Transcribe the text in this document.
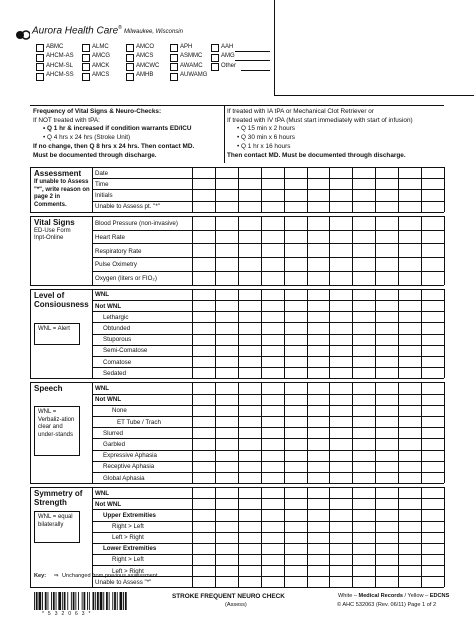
Aurora Health Care®
Milwaukee, Wisconsin
ABMC
AHCM-AS
AHCM-SL
AHCM-SS
ALMC
AMCG
AMCK
AMCS
AMCO
AMCS
AMCWC
AMHB
APH
ASMMC
AWAMC
AUWAMG
AAH
AMG
Other
Frequency of Vital Signs & Neuro-Checks:
If NOT treated with tPA:
• Q 1 hr & increased if condition warrants ED/ICU
• Q 4 hrs x 24 hrs (Stroke Unit)
If no change, then Q 8 hrs x 24 hrs. Then contact MD.
Must be documented through discharge.
If treated with IA tPA or Mechanical Clot Retriever or
If treated with IV tPA (Must start immediately with start of infusion)
• Q 15 min x 2 hours
• Q 30 min x 6 hours
• Q 1 hr x 16 hours
Then contact MD. Must be documented through discharge.
Date
Time
Initials
Unable to Assess pt. "*"
Blood Pressure (non-invasive)
Heart Rate
Respiratory Rate
Pulse Oximetry
Oxygen (liters or FIO₂)
WNL
Not WNL
Lethargic
Obtunded
Stuporous
Semi-Comatose
Comatose
Sedated
WNL
Not WNL
None
ET Tube / Trach
Slurred
Garbled
Expressive Aphasia
Receptive Aphasia
Global Aphasia
WNL
Not WNL
Upper Extremities
Right > Left
Left > Right
Lower Extremities
Right > Left
Left > Right
Unable to Assess "*"
Assessment
If unable to Assess "*", write reason on page 2 in Comments.
Vital Signs
ED-Use Form Inpt-Online
Level of Consiousness
WNL = Alert
Speech
WNL = Verbaliz-ation clear and under-stands
Symmetry of Strength
WNL = equal bilaterally
Key: ⇒ Unchanged from previous assessment
* 5 3 2 0 6 3 *
STROKE FREQUENT NEURO CHECK
(Assess)
White – Medical Records / Yellow – EDCNS
© AHC 532063 (Rev. 06/11) Page 1 of 2
